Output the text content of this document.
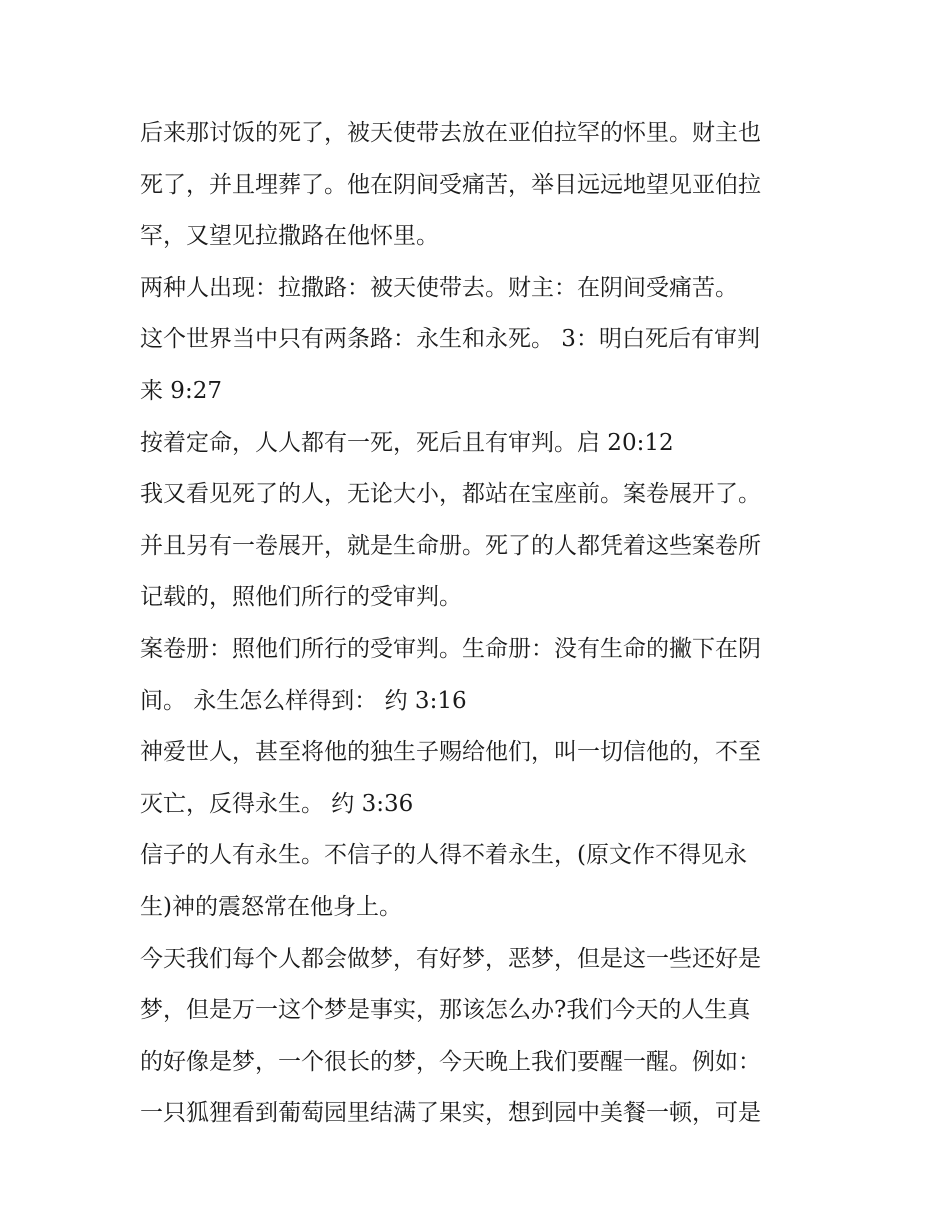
后来那讨饭的死了，被天使带去放在亚伯拉罕的怀里。财主也
死了，并且埋葬了。他在阴间受痛苦，举目远远地望见亚伯拉
罕，又望见拉撒路在他怀里。
两种人出现：拉撒路：被天使带去。财主：在阴间受痛苦。
这个世界当中只有两条路：永生和永死。 3：明白死后有审判
来 9:27
按着定命，人人都有一死，死后且有审判。启 20:12
我又看见死了的人，无论大小，都站在宝座前。案卷展开了。
并且另有一卷展开，就是生命册。死了的人都凭着这些案卷所
记载的，照他们所行的受审判。
案卷册：照他们所行的受审判。生命册：没有生命的撇下在阴
间。 永生怎么样得到： 约 3:16
神爱世人，甚至将他的独生子赐给他们，叫一切信他的，不至
灭亡，反得永生。 约 3:36
信子的人有永生。不信子的人得不着永生，(原文作不得见永
生)神的震怒常在他身上。
今天我们每个人都会做梦，有好梦，恶梦，但是这一些还好是
梦，但是万一这个梦是事实，那该怎么办?我们今天的人生真
的好像是梦，一个很长的梦，今天晚上我们要醒一醒。例如：
一只狐狸看到葡萄园里结满了果实，想到园中美餐一顿，可是
